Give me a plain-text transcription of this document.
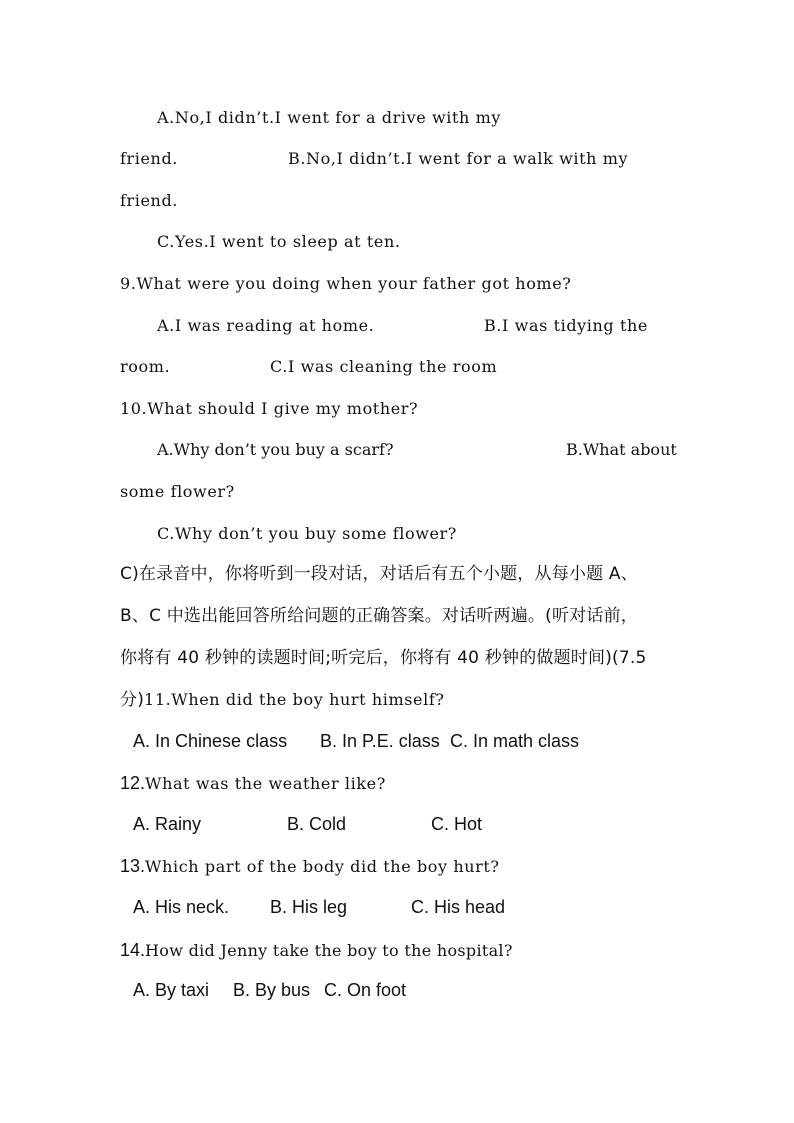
A.No,I didn’t.I went for a drive with my
friend.	B.No,I didn’t.I went for a walk with my
friend.
C.Yes.I went to sleep at ten.
9.What were you doing when your father got home?
A.I was reading at home.	B.I was tidying the
room.	C.I was cleaning the room
10.What should I give my mother?
A.Why don’t you buy a scarf?	B.What about
some flower?
C.Why don’t you buy some flower?
C)在录音中，你将听到一段对话，对话后有五个小题，从每小题 A、
B、C 中选出能回答所给问题的正确答案。对话听两遍。(听对话前，
你将有 40 秒钟的读题时间;听完后，你将有 40 秒钟的做题时间)(7.5
分)11.When did the boy hurt himself?
A. In Chinese class B. In P.E. class C. In math class
12.What was the weather like?
A. Rainy	B. Cold	C. Hot
13.Which part of the body did the boy hurt?
A. His neck. B. His leg	C. His head
14.How did Jenny take the boy to the hospital?
A. By taxi B. By bus C. On foot
